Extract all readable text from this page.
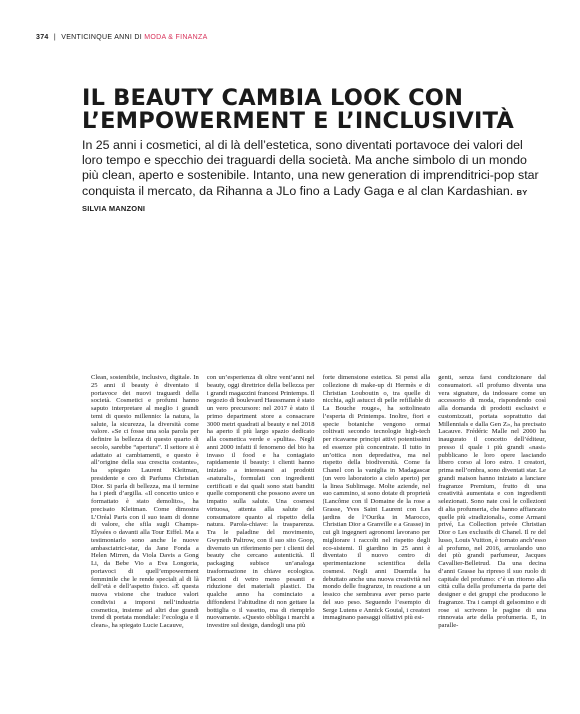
374 | VENTICINQUE ANNI DI MODA & FINANZA
IL BEAUTY CAMBIA LOOK CON
L’EMPOWERMENT E L’INCLUSIVITÀ

In 25 anni i cosmetici, al di là dell’estetica, sono diventati portavoce dei valori del loro tempo e specchio dei traguardi della società. Ma anche simbolo di un mondo più clean, aperto e sostenibile. Intanto, una new generation di imprenditrici-pop star conquista il mercato, da Rihanna a JLo fino a Lady Gaga e al clan Kardashian. BY SILVIA MANZONI

Clean, sostenibile, inclusivo, digitale. In 25 anni il beauty è diventato il portavoce dei nuovi traguardi della società. Cosmetici e profumi hanno saputo interpretare al meglio i grandi temi di questo millennio: la natura, la salute, la sicurezza, la diversità come valore. «Se ci fosse una sola parola per definire la bellezza di questo quarto di secolo, sarebbe “apertura”. Il settore si è adattato ai cambiamenti, e questo è all’origine della sua crescita costante», ha spiegato Laurent Kleitman, presidente e ceo di Parfums Christian Dior. Si parla di bellezza, ma il termine ha i piedi d’argilla. «Il concetto unico e formattato è stato demolito», ha precisato Kleitman. Come dimostra L’Oréal Paris con il suo team di donne di valore, che sfila sugli Champs-Elysées o davanti alla Tour Eiffel. Ma a testimoniarlo sono anche le nuove ambasciatrici-star, da Jane Fonda a Helen Mirren, da Viola Davis a Gong Li, da Bebe Vio a Eva Longoria, portavoci di quell’empowerment femminile che le rende speciali al di là dell’età e dell’aspetto fisico. «È questa nuova visione che traduce valori condivisi a imporsi nell’industria cosmetica, insieme ad altri due grandi trend di portata mondiale: l’ecologia e il clean», ha spiegato Lucie Lacauve,

con un’esperienza di oltre vent’anni nel beauty, oggi direttrice della bellezza per i grandi magazzini francesi Printemps. Il negozio di boulevard Haussmann è stato un vero precursore: nel 2017 è stato il primo department store a consacrare 3000 metri quadrati al beauty e nel 2018 ha aperto il più largo spazio dedicato alla cosmetica verde e «pulita». Negli anni 2000 infatti il fenomeno del bio ha invaso il food e ha contagiato rapidamente il beauty: i clienti hanno iniziato a interessarsi ai prodotti «naturali», formulati con ingredienti certificati e dai quali sono stati banditi quelle componenti che possono avere un impatto sulla salute. Una cosmesi virtuosa, attenta alla salute del consumatore quanto al rispetto della natura. Parola-chiave: la trasparenza. Tra le paladine del movimento, Gwyneth Paltrow, con il suo sito Goop, divenuto un riferimento per i clienti del beauty che cercano autenticità. Il packaging subisce un’analoga trasformazione in chiave ecologica. Flaconi di vetro meno pesanti e riduzione dei materiali plastici. Da qualche anno ha cominciato a diffondersi l’abitudine di non gettare la bottiglia o il vasetto, ma di riempirlo nuovamente. «Questo obbliga i marchi a investire sul design, dandogli una più

forte dimensione estetica. Si pensi alla collezione di make-up di Hermès e di Christian Louboutin o, tra quelle di nicchia, agli astucci di pelle refillable di La Bouche rouge», ha sottolineato l’esperta di Printemps. Inoltre, fiori e specie botaniche vengono ormai coltivati secondo tecnologie high-tech per ricavarne principi attivi potentissimi ed essenze più concentrate. Il tutto in un’ottica non depredativa, ma nel rispetto della biodiversità. Come fa Chanel con la vaniglia in Madagascar (un vero laboratorio a cielo aperto) per la linea Sublimage. Molte aziende, nel suo cammino, si sono dotate di proprietà (Lancôme con il Domaine de la rose a Grasse, Yves Saint Laurent con Les jardins de l’Ourika in Marocco, Christian Dior a Granville e a Grasse) in cui gli ingegneri agronomi lavorano per migliorare i raccolti nel rispetto degli eco-sistemi. Il giardino in 25 anni è diventato il nuovo centro di sperimentazione scientifica della cosmesi. Negli anni Duemila ha debuttato anche una nuova creatività nel mondo delle fragranze, in reazione a un lessico che sembrava aver perso parte del suo peso. Seguendo l’esempio di Serge Lutens e Annick Goutal, i creatori immaginano paesaggi olfattivi più esi-

genti, senza farsi condizionare dal consumatori. «Il profumo diventa una vera signature, da indossare come un accessorio di moda, rispondendo così alla domanda di prodotti esclusivi e customizzati, portata soprattutto dai Millennials e dalla Gen Z», ha precisato Lacauve. Frédéric Malle nel 2000 ha inaugurato il concetto dell’éditeur, presso il quale i più grandi «nasi» pubblicano le loro opere lasciando libero corso al loro estro. I creatori, prima nell’ombra, sono diventati star. Le grandi maison hanno iniziato a lanciare fragranze Premium, frutto di una creatività aumentata e con ingredienti selezionati. Sono nate così le collezioni di alta profumeria, che hanno affiancato quelle più «tradizionali», come Armani privé, La Collection privée Christian Dior o Les exclusifs di Chanel. Il re del lusso, Louis Vuitton, è tornato anch’esso al profumo, nel 2016, arruolando uno dei più grandi parfumeur, Jacques Cavallier-Belletrud. Da una decina d’anni Grasse ha ripreso il suo ruolo di capitale del profumo: c’è un ritorno alla città culla della profumeria da parte dei designer e dei gruppi che producono le fragranze. Tra i campi di gelsomino e di rose si scrivono le pagine di una rinnovata arte della profumeria. E, in paralle-
